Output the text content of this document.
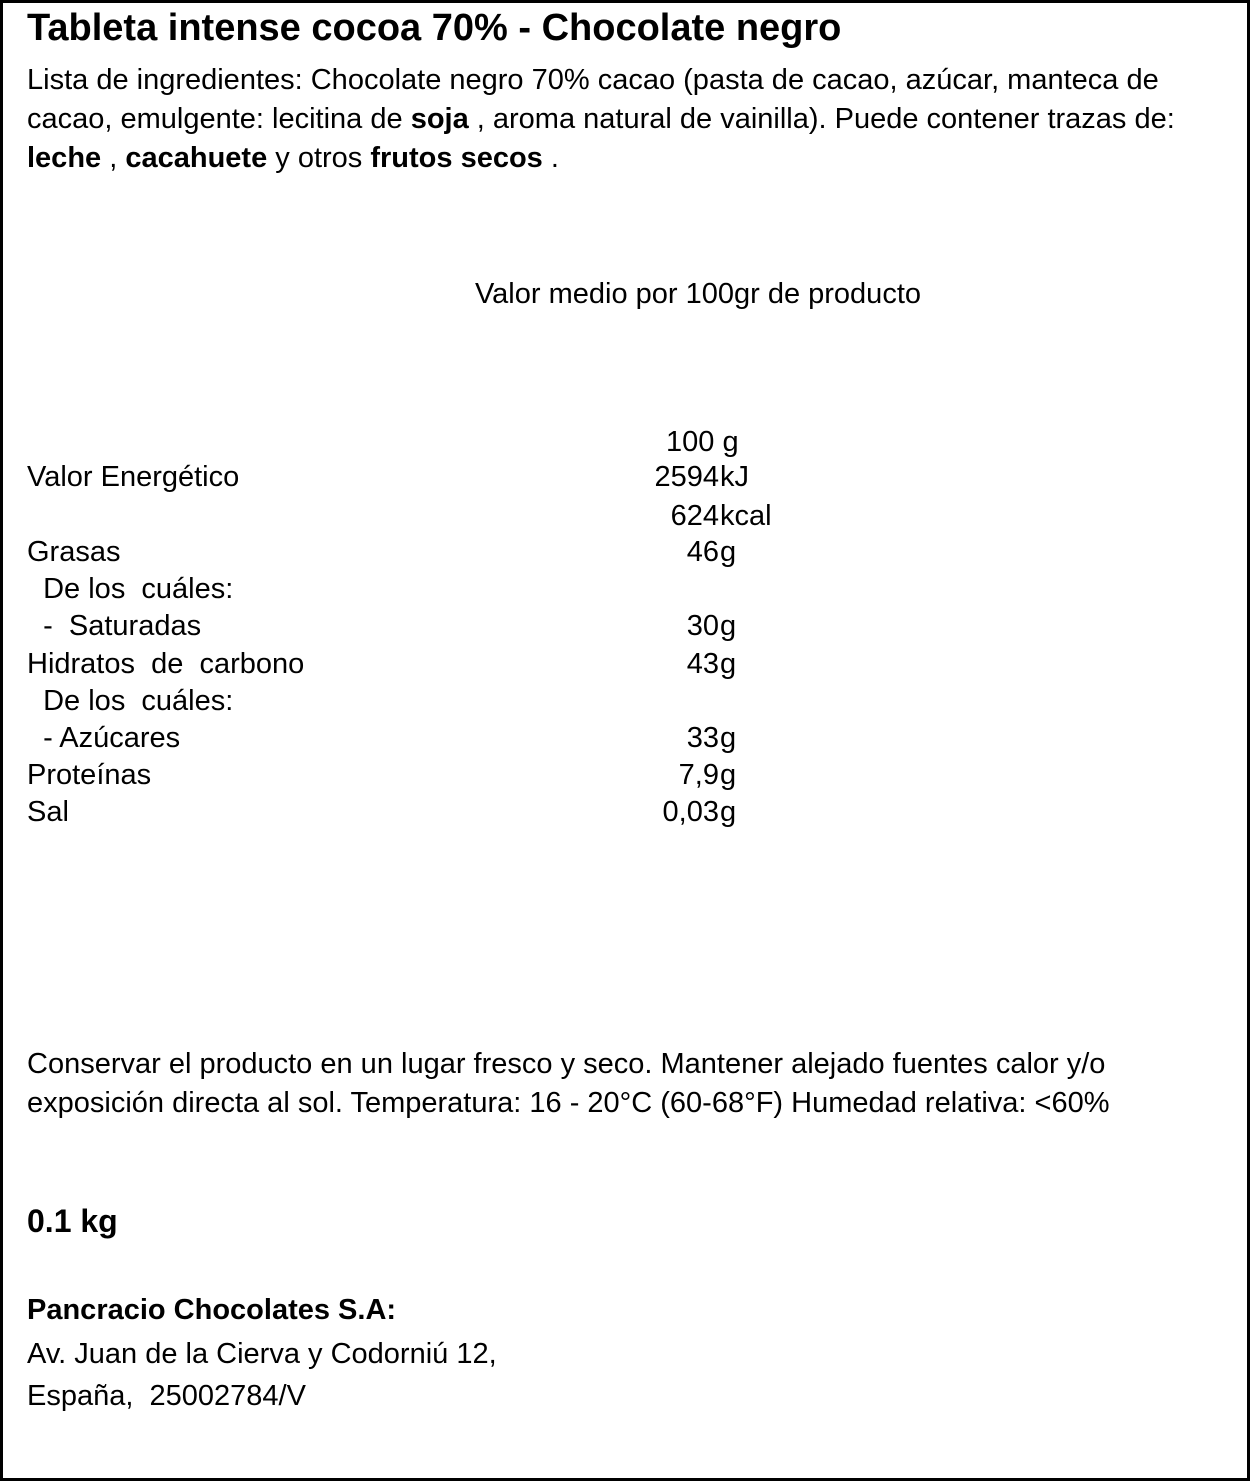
Tableta intense cocoa 70% - Chocolate negro
Lista de ingredientes: Chocolate negro 70% cacao (pasta de cacao, azúcar, manteca de cacao, emulgente: lecitina de soja , aroma natural de vainilla). Puede contener trazas de: leche , cacahuete y otros frutos secos .
Valor medio por 100gr de producto
100 g
Valor Energético	2594 kJ
624 kcal
Grasas	46 g
De los  cuáles:
-  Saturadas	30 g
Hidratos  de  carbono	43 g
De los  cuáles:
- Azúcares	33 g
Proteínas	7,9 g
Sal	0,03 g
Conservar el producto en un lugar fresco y seco. Mantener alejado fuentes calor y/o exposición directa al sol. Temperatura: 16 - 20°C (60-68°F) Humedad relativa: <60%
0.1 kg
Pancracio Chocolates S.A:
Av. Juan de la Cierva y Codorniú 12,
España,  25002784/V
